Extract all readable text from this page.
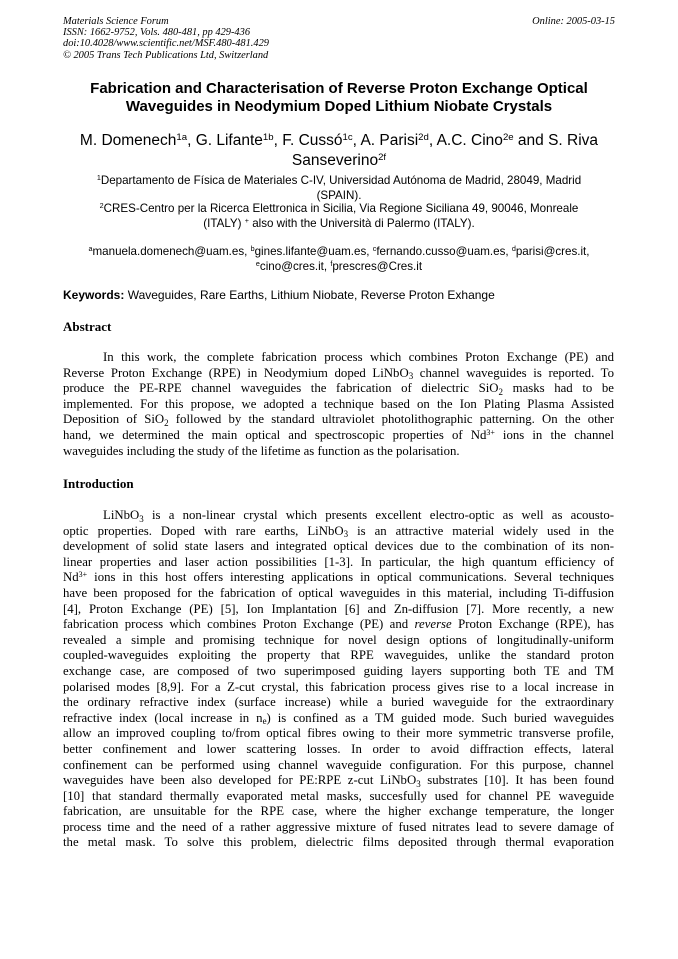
Materials Science Forum	Online: 2005-03-15
ISSN: 1662-9752, Vols. 480-481, pp 429-436
doi:10.4028/www.scientific.net/MSF.480-481.429
© 2005 Trans Tech Publications Ltd, Switzerland
Fabrication and Characterisation of Reverse Proton Exchange Optical
Waveguides in Neodymium Doped Lithium Niobate Crystals
M. Domenech$^{1a}$, G. Lifante$^{1b}$, F. Cussó$^{1c}$, A. Parisi$^{2d}$, A.C. Cino$^{2e}$ and S. Riva
Sanseverino$^{2f}$
$^1$Departamento de Física de Materiales C-IV, Universidad Autónoma de Madrid, 28049, Madrid
(SPAIN).
$^2$CRES-Centro per la Ricerca Elettronica in Sicilia, Via Regione Siciliana 49, 90046, Monreale
(ITALY) + also with the Università di Palermo (ITALY).
$^a$manuela.domenech@uam.es, $^b$gines.lifante@uam.es, $^c$fernando.cusso@uam.es, $^d$parisi@cres.it,
$^e$cino@cres.it, $^f$prescres@Cres.it
Keywords: Waveguides, Rare Earths, Lithium Niobate, Reverse Proton Exhange
Abstract
In this work, the complete fabrication process which combines Proton Exchange (PE) and
Reverse Proton Exchange (RPE) in Neodymium doped LiNbO$_3$ channel waveguides is reported. To
produce the PE-RPE channel waveguides the fabrication of dielectric SiO$_2$ masks had to be
implemented. For this propose, we adopted a technique based on the Ion Plating Plasma Assisted
Deposition of SiO$_2$ followed by the standard ultraviolet photolithographic patterning. On the other
hand, we determined the main optical and spectroscopic properties of $Nd^{3+}$ ions in the channel
waveguides including the study of the lifetime as function as the polarisation.
Introduction
LiNbO$_3$ is a non-linear crystal which presents excellent electro-optic as well as acousto-
optic properties. Doped with rare earths, LiNbO$_3$ is an attractive material widely used in the
development of solid state lasers and integrated optical devices due to the combination of its non-
linear properties and laser action possibilities [1-3]. In particular, the high quantum efficiency of
$Nd^{3+}$ ions in this host offers interesting applications in optical communications. Several techniques
have been proposed for the fabrication of optical waveguides in this material, including Ti-diffusion
[4], Proton Exchange (PE) [5], Ion Implantation [6] and Zn-diffusion [7]. More recently, a new
fabrication process which combines Proton Exchange (PE) and reverse Proton Exchange (RPE), has
revealed a simple and promising technique for novel design options of longitudinally-uniform
coupled-waveguides exploiting the property that RPE waveguides, unlike the standard proton
exchange case, are composed of two superimposed guiding layers supporting both TE and TM
polarised modes [8,9]. For a Z-cut crystal, this fabrication process gives rise to a local increase in
the ordinary refractive index (surface increase) while a buried waveguide for the extraordinary
refractive index (local increase in $n_e$) is confined as a TM guided mode. Such buried waveguides
allow an improved coupling to/from optical fibres owing to their more symmetric transverse profile,
better confinement and lower scattering losses. In order to avoid diffraction effects, lateral
confinement can be performed using channel waveguide configuration. For this purpose, channel
waveguides have been also developed for PE:RPE z-cut LiNbO$_3$ substrates [10]. It has been found
[10] that standard thermally evaporated metal masks, succesfully used for channel PE waveguide
fabrication, are unsuitable for the RPE case, where the higher exchange temperature, the longer
process time and the need of a rather aggressive mixture of fused nitrates lead to severe damage of
the metal mask. To solve this problem, dielectric films deposited through thermal evaporation
